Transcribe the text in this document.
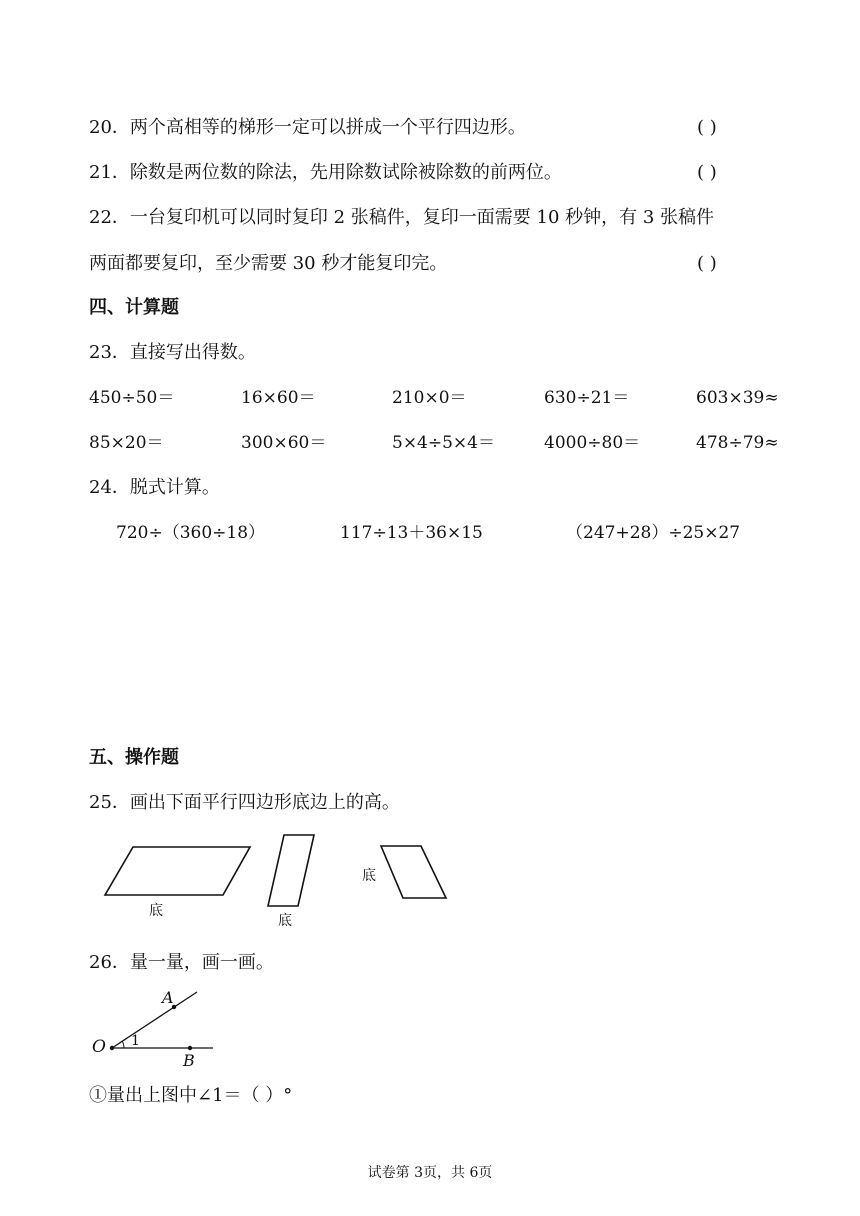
20．两个高相等的梯形一定可以拼成一个平行四边形。	( )
21．除数是两位数的除法，先用除数试除被除数的前两位。	( )
22．一台复印机可以同时复印 2 张稿件，复印一面需要 10 秒钟，有 3 张稿件
两面都要复印，至少需要 30 秒才能复印完。	( )
四、计算题
23．直接写出得数。
450÷50＝	16×60＝	210×0＝	630÷21＝	603×39≈
85×20＝	300×60＝	5×4÷5×4＝	4000÷80＝	478÷79≈
24．脱式计算。
720÷（360÷18）	117÷13＋36×15	（247+28）÷25×27
五、操作题
25．画出下面平行四边形底边上的高。
底
底
底
26．量一量，画一画。
O
A
B
1
①量出上图中∠1＝（ ）°
试卷第 3页，共 6页
